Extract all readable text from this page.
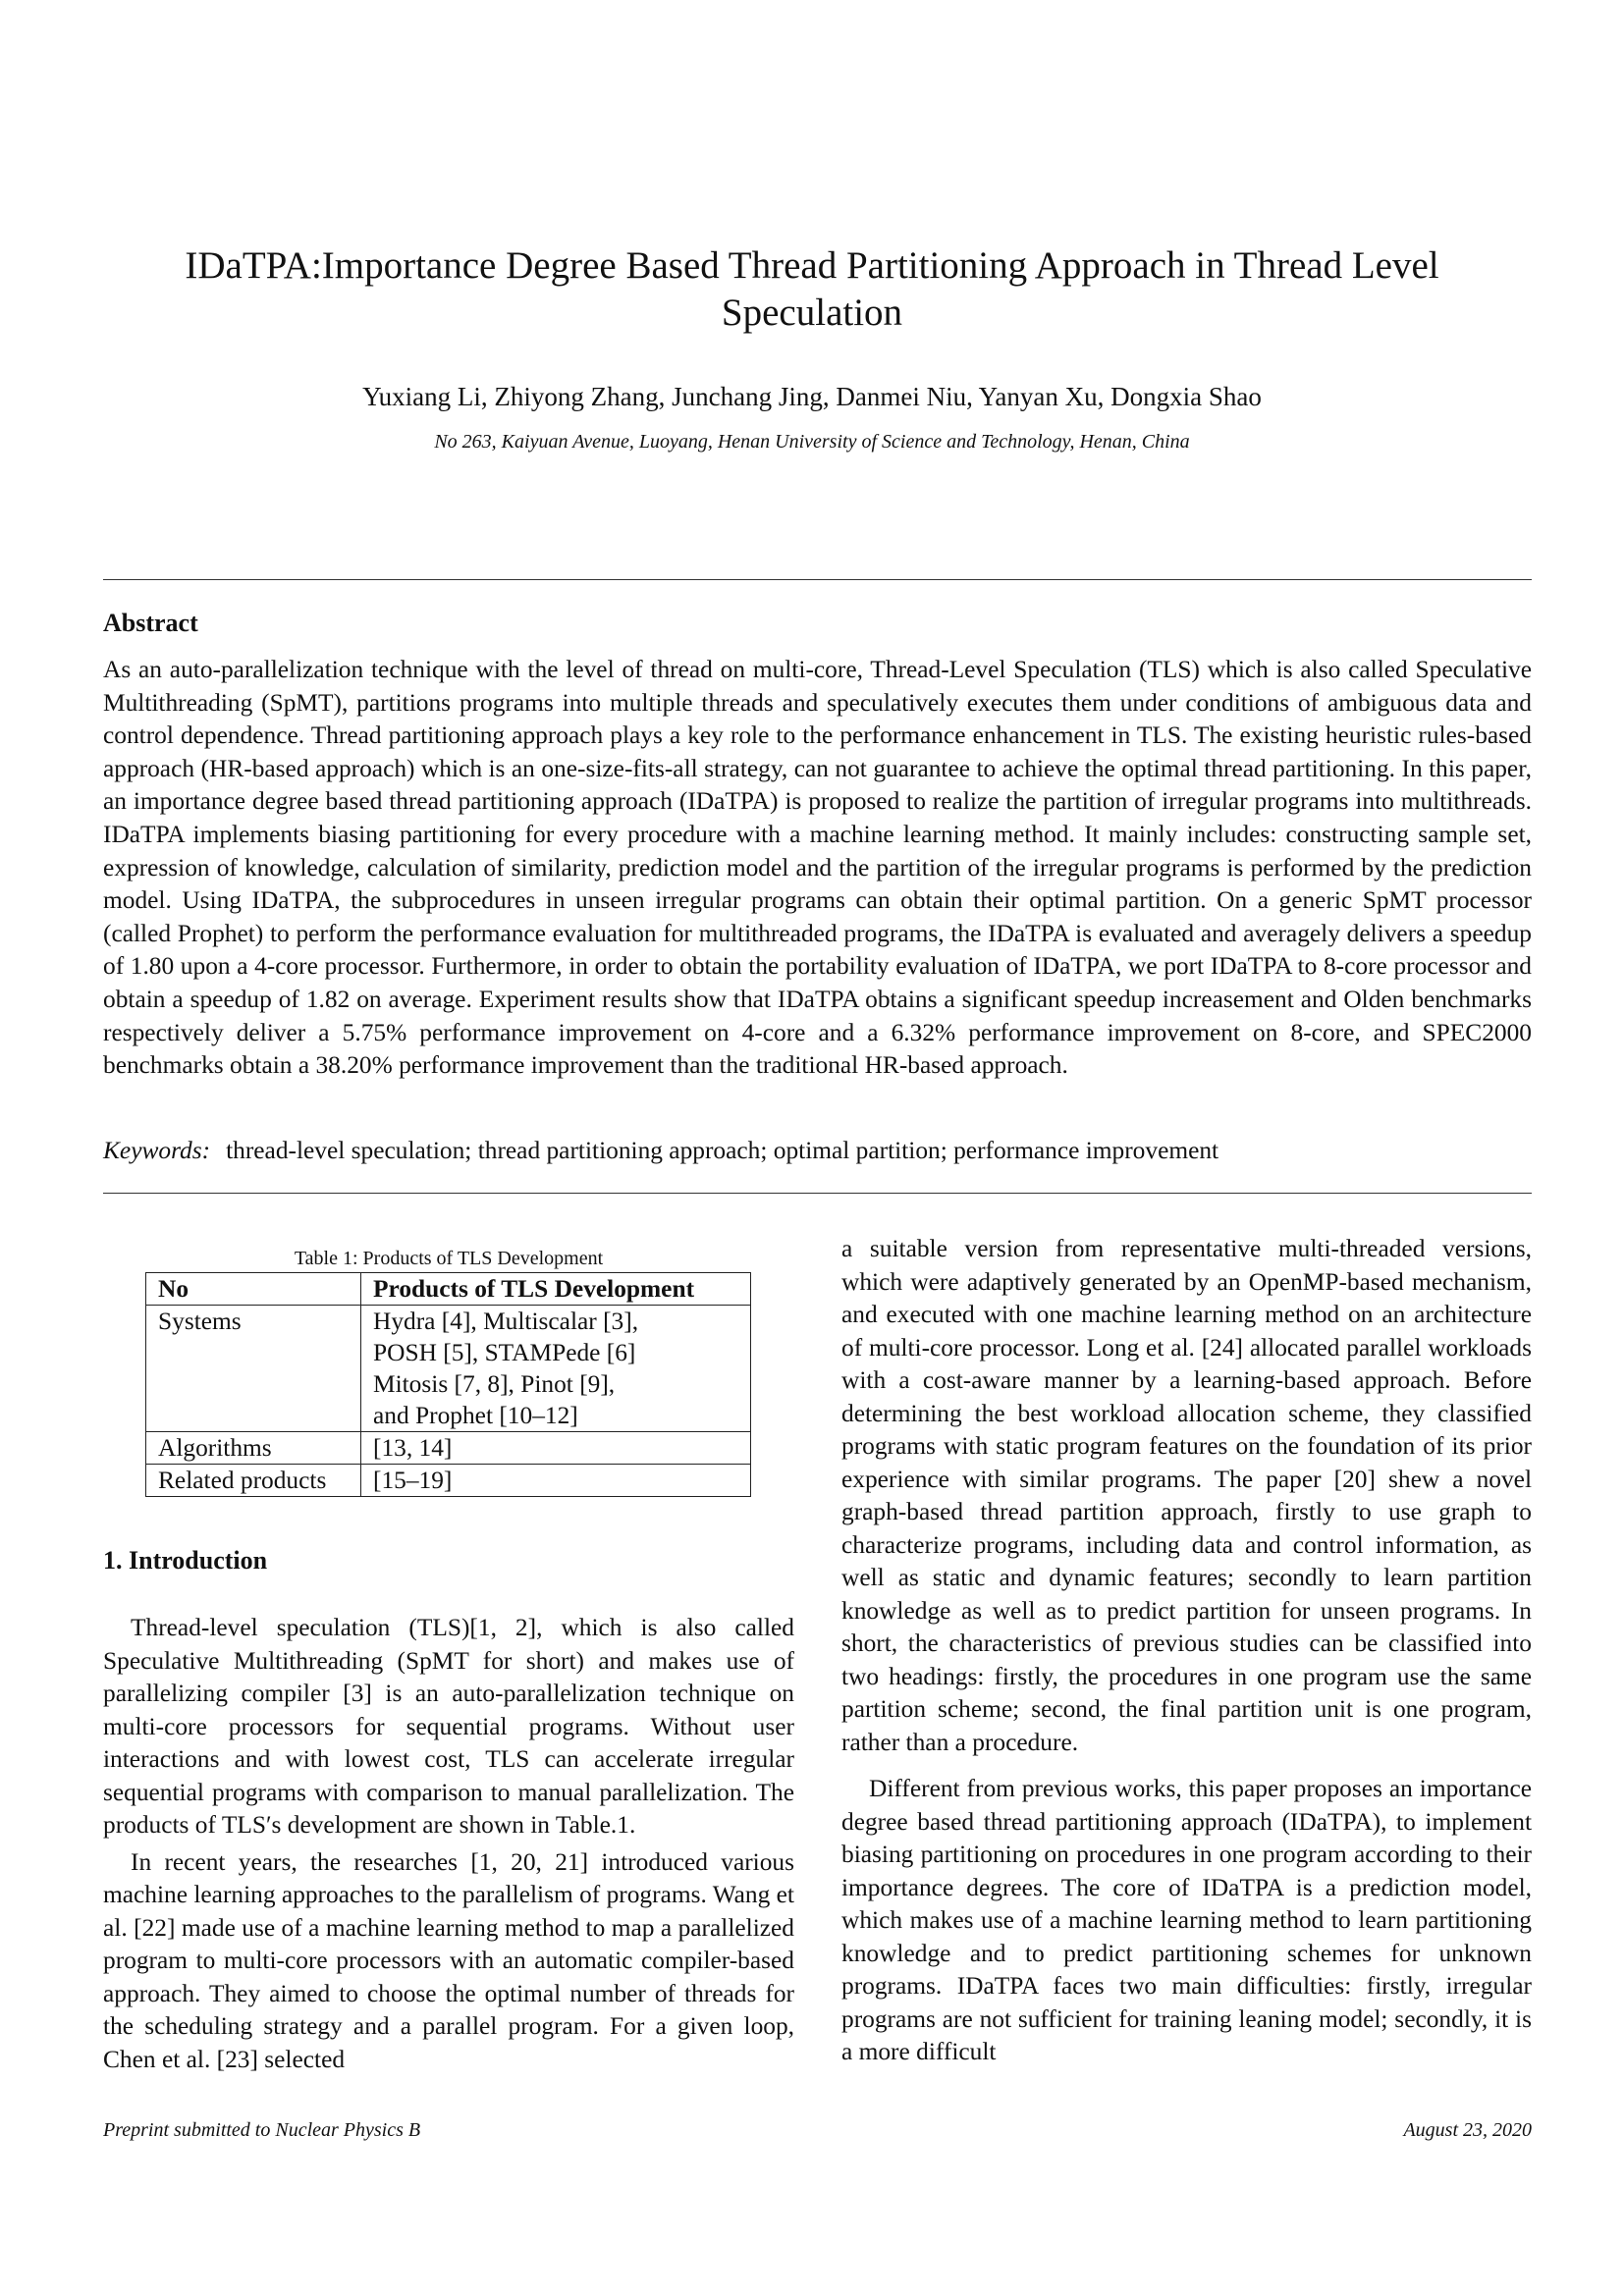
IDaTPA:Importance Degree Based Thread Partitioning Approach in Thread Level Speculation
Yuxiang Li, Zhiyong Zhang, Junchang Jing, Danmei Niu, Yanyan Xu, Dongxia Shao
No 263, Kaiyuan Avenue, Luoyang, Henan University of Science and Technology, Henan, China
Abstract

As an auto-parallelization technique with the level of thread on multi-core, Thread-Level Speculation (TLS) which is also called Speculative Multithreading (SpMT), partitions programs into multiple threads and speculatively executes them under conditions of ambiguous data and control dependence. Thread partitioning approach plays a key role to the performance enhancement in TLS. The existing heuristic rules-based approach (HR-based approach) which is an one-size-fits-all strategy, can not guarantee to achieve the optimal thread partitioning. In this paper, an importance degree based thread partitioning approach (IDaTPA) is proposed to realize the partition of irregular programs into multithreads. IDaTPA implements biasing partitioning for every procedure with a machine learning method. It mainly includes: constructing sample set, expression of knowledge, calculation of similarity, prediction model and the partition of the irregular programs is performed by the prediction model. Using IDaTPA, the subprocedures in unseen irregular programs can obtain their optimal partition. On a generic SpMT processor (called Prophet) to perform the performance evaluation for multithreaded programs, the IDaTPA is evaluated and averagely delivers a speedup of 1.80 upon a 4-core processor. Furthermore, in order to obtain the portability evaluation of IDaTPA, we port IDaTPA to 8-core processor and obtain a speedup of 1.82 on average. Experiment results show that IDaTPA obtains a significant speedup increasement and Olden benchmarks respectively deliver a 5.75% performance improvement on 4-core and a 6.32% performance improvement on 8-core, and SPEC2000 benchmarks obtain a 38.20% performance improvement than the traditional HR-based approach.

Keywords: thread-level speculation; thread partitioning approach; optimal partition; performance improvement

Table 1: Products of TLS Development

No	Products of TLS Development
Systems	Hydra [4], Multiscalar [3],
POSH [5], STAMPede [6]
Mitosis [7, 8], Pinot [9],
and Prophet [10–12]

Algorithms	[13, 14]

Related products	[15–19]
1. Introduction

Thread-level speculation (TLS)[1, 2], which is also called Speculative Multithreading (SpMT for short) and makes use of parallelizing compiler [3] is an auto-parallelization technique on multi-core processors for sequential programs. Without user interactions and with lowest cost, TLS can accelerate irregular sequential programs with comparison to manual parallelization. The products of TLS′s development are shown in Table.1.

In recent years, the researches [1, 20, 21] introduced various machine learning approaches to the parallelism of programs. Wang et al. [22] made use of a machine learning method to map a parallelized program to multi-core processors with an automatic compiler-based approach. They aimed to choose the optimal number of threads for the scheduling strategy and a parallel program. For a given loop, Chen et al. [23] selected

a suitable version from representative multi-threaded versions, which were adaptively generated by an OpenMP-based mechanism, and executed with one machine learning method on an architecture of multi-core processor. Long et al. [24] allocated parallel workloads with a cost-aware manner by a learning-based approach. Before determining the best workload allocation scheme, they classified programs with static program features on the foundation of its prior experience with similar programs. The paper [20] shew a novel graph-based thread partition approach, firstly to use graph to characterize programs, including data and control information, as well as static and dynamic features; secondly to learn partition knowledge as well as to predict partition for unseen programs. In short, the characteristics of previous studies can be classified into two headings: firstly, the procedures in one program use the same partition scheme; second, the final partition unit is one program, rather than a procedure.

Different from previous works, this paper proposes an importance degree based thread partitioning approach (IDaTPA), to implement biasing partitioning on procedures in one program according to their importance degrees. The core of IDaTPA is a prediction model, which makes use of a machine learning method to learn partitioning knowledge and to predict partitioning schemes for unknown programs. IDaTPA faces two main difficulties: firstly, irregular programs are not sufficient for training leaning model; secondly, it is a more difficult

Preprint submitted to Nuclear Physics B	August 23, 2020
